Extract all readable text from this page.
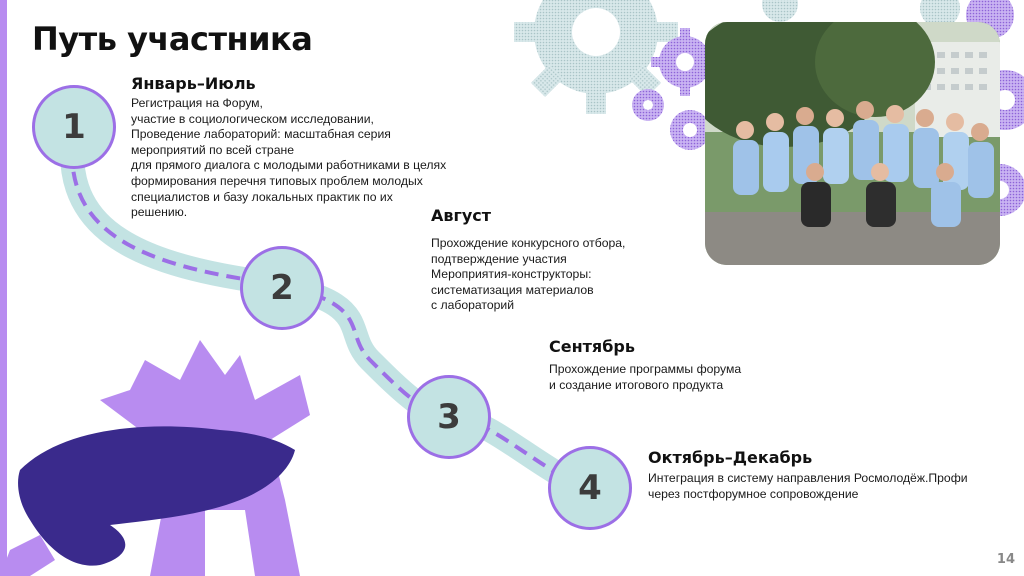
Путь участника
Январь–Июль
Регистрация на Форум,
участие в социологическом исследовании,
Проведение лабораторий: масштабная серия
мероприятий по всей стране
для прямого диалога с молодыми работниками в целях
формирования перечня типовых проблем молодых
специалистов и базу локальных практик по их
решению.	Август
Прохождение конкурсного отбора,
подтверждение участия
Мероприятия-конструкторы:
систематизация материалов
с лабораторий
Сентябрь
Прохождение программы форума
и создание итогового продукта
Октябрь–Декабрь
Интеграция в систему направления Росмолодёж.Профи
через постфорумное сопровождение
1
2
3
4
14
